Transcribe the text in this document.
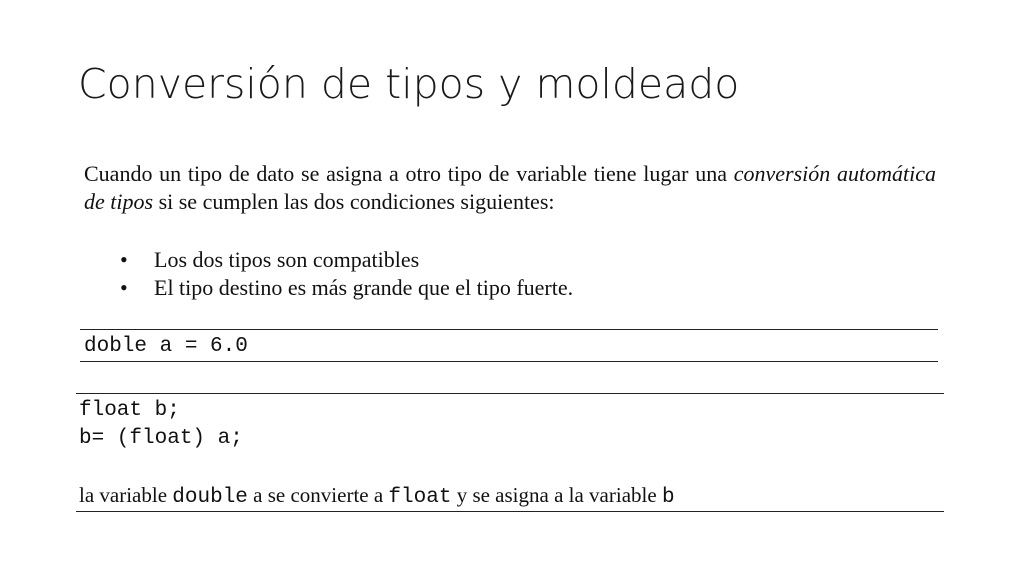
Conversión de tipos y moldeado

Cuando un tipo de dato se asigna a otro tipo de variable tiene lugar una conversión automática de tipos si se cumplen las dos condiciones siguientes:

• Los dos tipos son compatibles
• El tipo destino es más grande que el tipo fuerte.
doble a = 6.0
float b;
b= (float) a;
la variable double a se convierte a float y se asigna a la variable b
